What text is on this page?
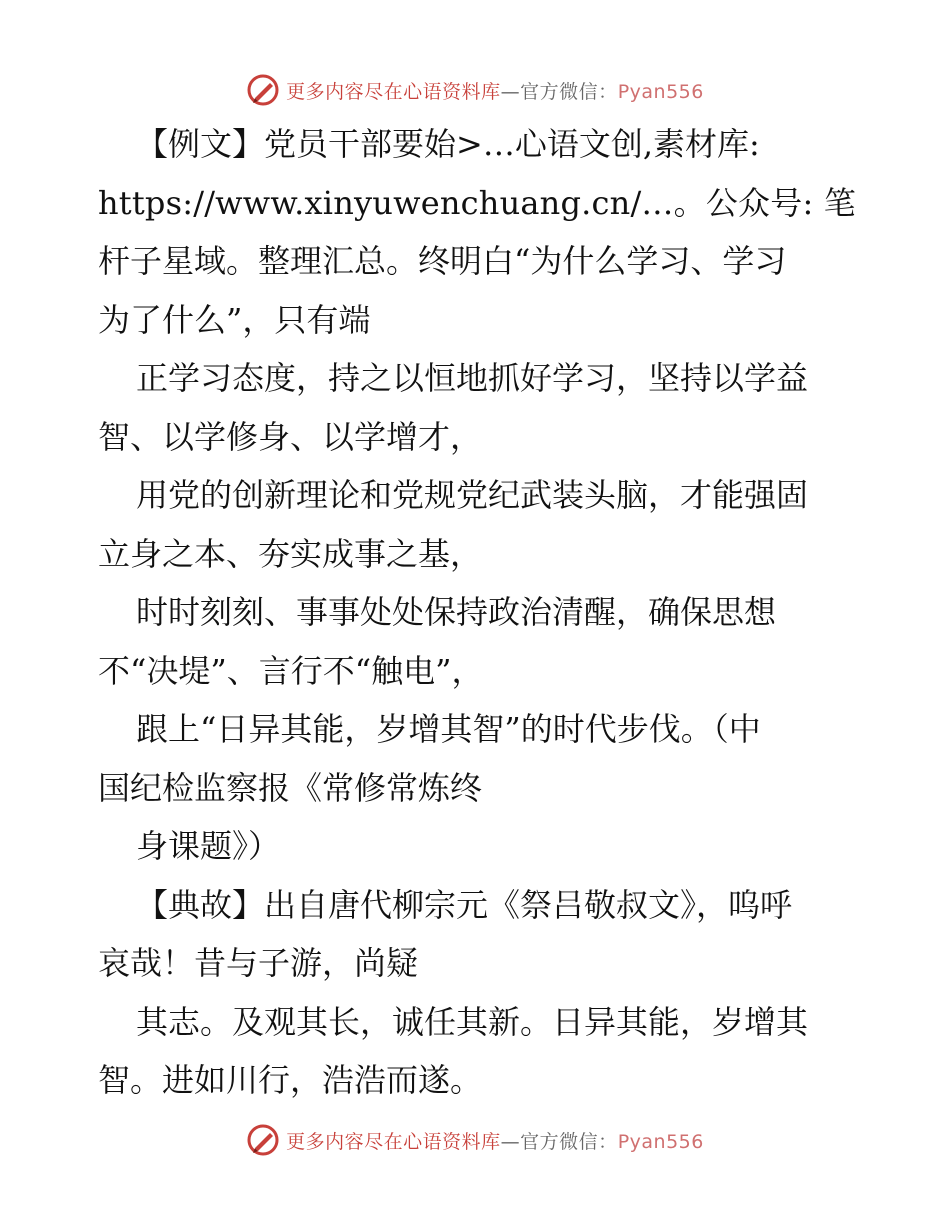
更多内容尽在心语资料库—官方微信：Pyan556
【例文】党员干部要始>…心语文创,素材库:
https://www.xinyuwenchuang.cn/…。公众号: 笔
杆子星域。整理汇总。终明白“为什么学习、学习
为了什么”，只有端
正学习态度，持之以恒地抓好学习，坚持以学益
智、以学修身、以学增才，
用党的创新理论和党规党纪武装头脑，才能强固
立身之本、夯实成事之基，
时时刻刻、事事处处保持政治清醒，确保思想
不“决堤”、言行不“触电”，
跟上“日异其能，岁增其智”的时代步伐。（中
国纪检监察报《常修常炼终
身课题》）
【典故】出自唐代柳宗元《祭吕敬叔文》，呜呼
哀哉！昔与子游，尚疑
其志。及观其长，诚任其新。日异其能，岁增其
智。进如川行，浩浩而遂。
更多内容尽在心语资料库—官方微信：Pyan556
